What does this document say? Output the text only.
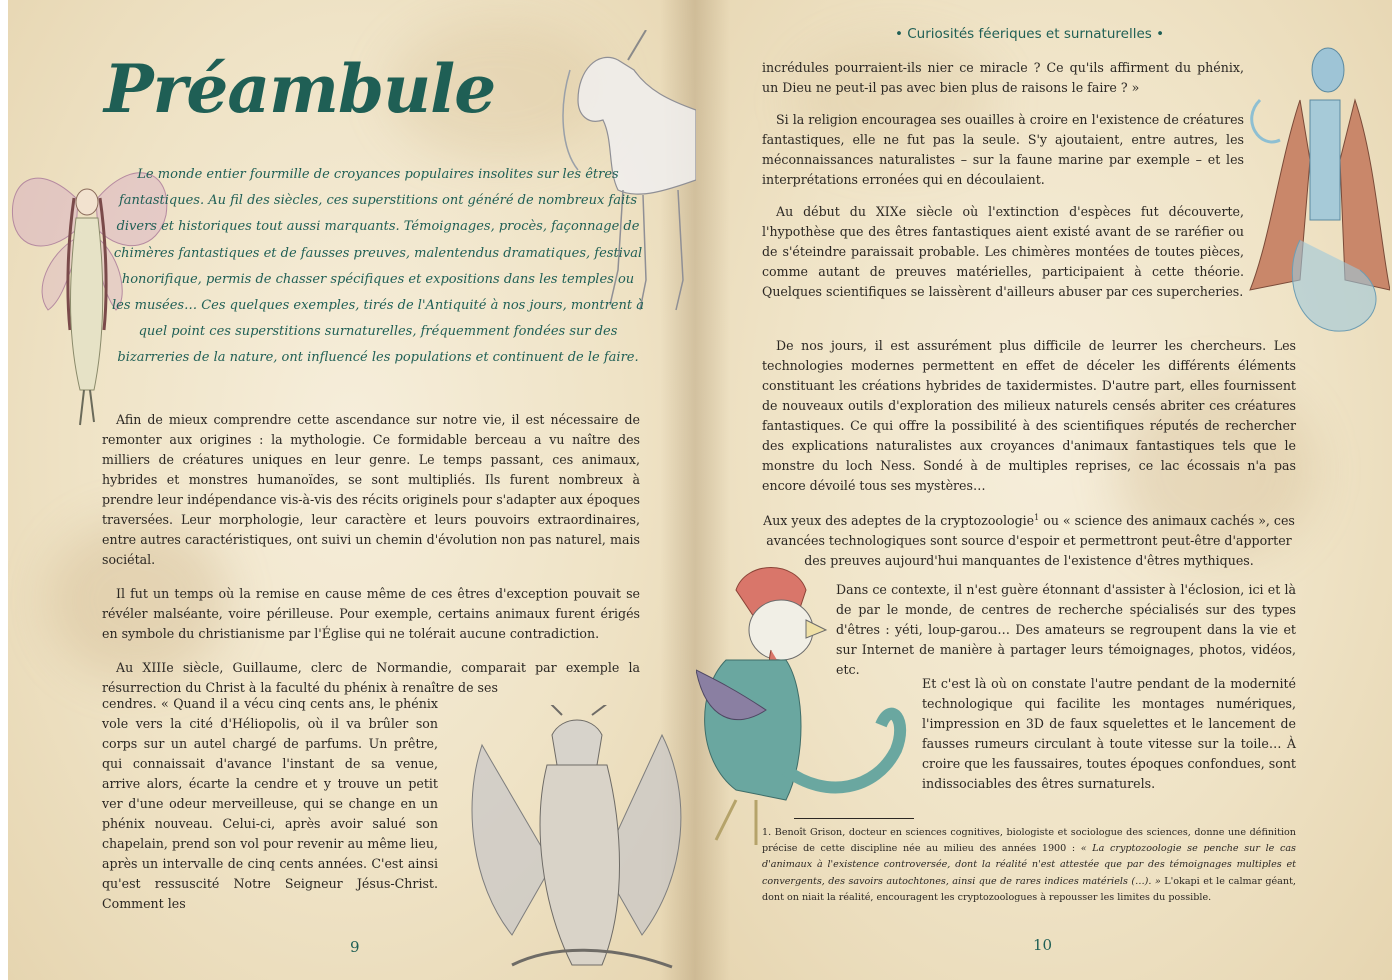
Préambule

Le monde entier fourmille de croyances populaires insolites sur les êtres fantastiques. Au fil des siècles, ces superstitions ont généré de nombreux faits divers et historiques tout aussi marquants. Témoignages, procès, façonnage de chimères fantastiques et de fausses preuves, malentendus dramatiques, festival honorifique, permis de chasser spécifiques et expositions dans les temples ou les musées… Ces quelques exemples, tirés de l'Antiquité à nos jours, montrent à quel point ces superstitions surnaturelles, fréquemment fondées sur des bizarreries de la nature, ont influencé les populations et continuent de le faire.

Afin de mieux comprendre cette ascendance sur notre vie, il est nécessaire de remonter aux origines : la mythologie. Ce formidable berceau a vu naître des milliers de créatures uniques en leur genre. Le temps passant, ces animaux, hybrides et monstres humanoïdes, se sont multipliés. Ils furent nombreux à prendre leur indépendance vis-à-vis des récits originels pour s'adapter aux époques traversées. Leur morphologie, leur caractère et leurs pouvoirs extraordinaires, entre autres caractéristiques, ont suivi un chemin d'évolution non pas naturel, mais sociétal.

Il fut un temps où la remise en cause même de ces êtres d'exception pouvait se révéler malséante, voire périlleuse. Pour exemple, certains animaux furent érigés en symbole du christianisme par l'Église qui ne tolérait aucune contradiction.

Au XIIIe siècle, Guillaume, clerc de Normandie, comparait par exemple la résurrection du Christ à la faculté du phénix à renaître de ses

cendres. « Quand il a vécu cinq cents ans, le phénix vole vers la cité d'Héliopolis, où il va brûler son corps sur un autel chargé de parfums. Un prêtre, qui connaissait d'avance l'instant de sa venue, arrive alors, écarte la cendre et y trouve un petit ver d'une odeur merveilleuse, qui se change en un phénix nouveau. Celui-ci, après avoir salué son chapelain, prend son vol pour revenir au même lieu, après un intervalle de cinq cents années. C'est ainsi qu'est ressuscité Notre Seigneur Jésus-Christ. Comment les

9

• Curiosités féeriques et surnaturelles •

incrédules pourraient-ils nier ce miracle ? Ce qu'ils affirment du phénix, un Dieu ne peut-il pas avec bien plus de raisons le faire ? »

Si la religion encouragea ses ouailles à croire en l'existence de créatures fantastiques, elle ne fut pas la seule. S'y ajoutaient, entre autres, les méconnaissances naturalistes – sur la faune marine par exemple – et les interprétations erronées qui en découlaient.

Au début du XIXe siècle où l'extinction d'espèces fut découverte, l'hypothèse que des êtres fantastiques aient existé avant de se raréfier ou de s'éteindre paraissait probable. Les chimères montées de toutes pièces, comme autant de preuves matérielles, participaient à cette théorie. Quelques scientifiques se laissèrent d'ailleurs abuser par ces supercheries.

De nos jours, il est assurément plus difficile de leurrer les chercheurs. Les technologies modernes permettent en effet de déceler les différents éléments constituant les créations hybrides de taxidermistes. D'autre part, elles fournissent de nouveaux outils d'exploration des milieux naturels censés abriter ces créatures fantastiques. Ce qui offre la possibilité à des scientifiques réputés de rechercher des explications naturalistes aux croyances d'animaux fantastiques tels que le monstre du loch Ness. Sondé à de multiples reprises, ce lac écossais n'a pas encore dévoilé tous ses mystères…

Aux yeux des adeptes de la cryptozoologie$^1$ ou « science des animaux cachés », ces avancées technologiques sont source d'espoir et permettront peut-être d'apporter des preuves aujourd'hui manquantes de l'existence d'êtres mythiques.

Dans ce contexte, il n'est guère étonnant d'assister à l'éclosion, ici et là de par le monde, de centres de recherche spécialisés sur des types d'êtres : yéti, loup-garou… Des amateurs se regroupent dans la vie et sur Internet de manière à partager leurs témoignages, photos, vidéos, etc.
Et c'est là où on constate l'autre pendant de la modernité technologique qui facilite les montages numériques, l'impression en 3D de faux squelettes et le lancement de fausses rumeurs circulant à toute vitesse sur la toile… À croire que les faussaires, toutes époques confondues, sont indissociables des êtres surnaturels.

1. Benoît Grison, docteur en sciences cognitives, biologiste et sociologue des sciences, donne une définition précise de cette discipline née au milieu des années 1900 : « La cryptozoologie se penche sur le cas d'animaux à l'existence controversée, dont la réalité n'est attestée que par des témoignages multiples et convergents, des savoirs autochtones, ainsi que de rares indices matériels (…). » L'okapi et le calmar géant, dont on niait la réalité, encouragent les cryptozoologues à repousser les limites du possible.

10
